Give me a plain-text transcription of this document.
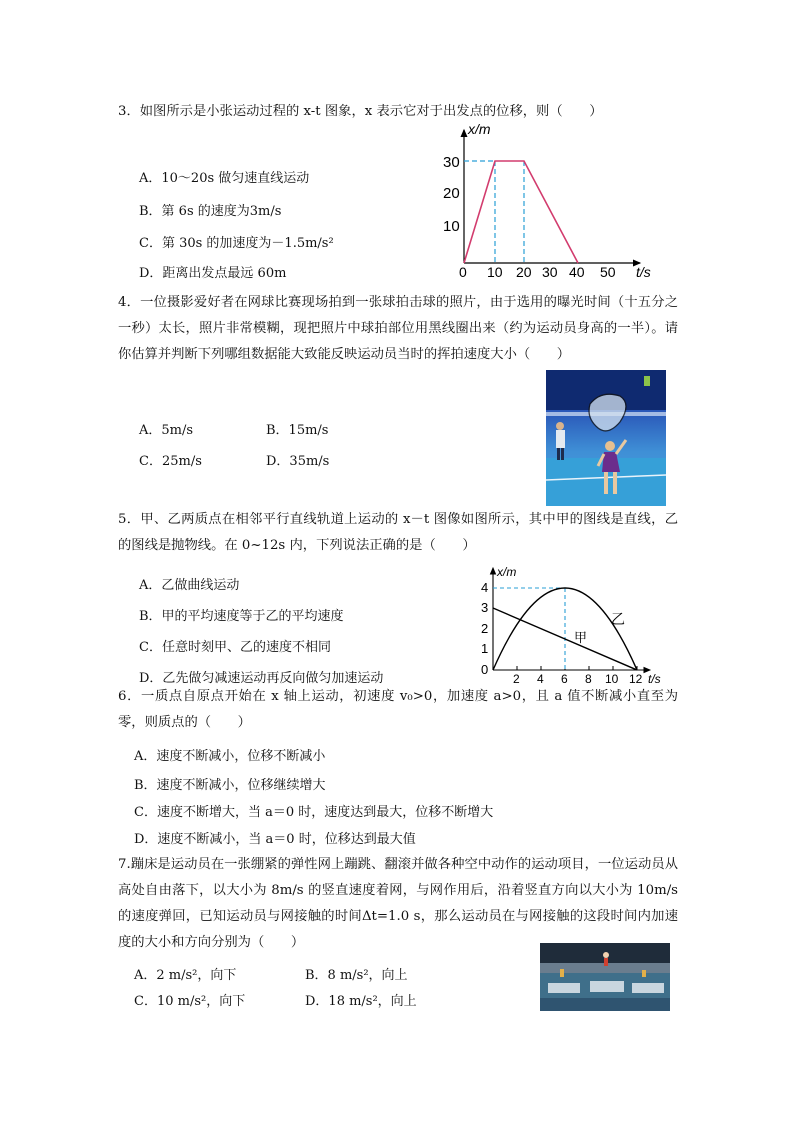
3．如图所示是小张运动过程的 x-t 图象，x 表示它对于出发点的位移，则（　　）
A．10～20s 做匀速直线运动
B．第 6s 的速度为3m/s
C．第 30s 的加速度为－1.5m/s²
D．距离出发点最远 60m
x/m
30
20
10
0 10 20 30 40 50 t/s
4．一位摄影爱好者在网球比赛现场拍到一张球拍击球的照片，由于选用的曝光时间（十五分之一秒）太长，照片非常模糊，现把照片中球拍部位用黑线圈出来（约为运动员身高的一半）。请你估算并判断下列哪组数据能大致能反映运动员当时的挥拍速度大小（　　）
A．5m/s	B．15m/s
C．25m/s	D．35m/s
5．甲、乙两质点在相邻平行直线轨道上运动的 x－t 图像如图所示，其中甲的图线是直线，乙的图线是抛物线。在 0~12s 内，下列说法正确的是（　　）
A．乙做曲线运动
B．甲的平均速度等于乙的平均速度
C．任意时刻甲、乙的速度不相同
D．乙先做匀减速运动再反向做匀加速运动
x/m
4
3
2
1
0
2 4 6 8 10 12 t/s
乙
甲
6．一质点自原点开始在 x 轴上运动，初速度 v₀>0，加速度 a>0，且 a 值不断减小直至为零，则质点的（　　）
A．速度不断减小，位移不断减小
B．速度不断减小，位移继续增大
C．速度不断增大，当 a＝0 时，速度达到最大，位移不断增大
D．速度不断减小，当 a＝0 时，位移达到最大值
7.蹦床是运动员在一张绷紧的弹性网上蹦跳、翻滚并做各种空中动作的运动项目，一位运动员从高处自由落下，以大小为 8m/s 的竖直速度着网，与网作用后，沿着竖直方向以大小为 10m/s 的速度弹回，已知运动员与网接触的时间Δt=1.0 s，那么运动员在与网接触的这段时间内加速度的大小和方向分别为（　　）
A．2 m/s²，向下	B．8 m/s²，向上
C．10 m/s²，向下	D．18 m/s²，向上
